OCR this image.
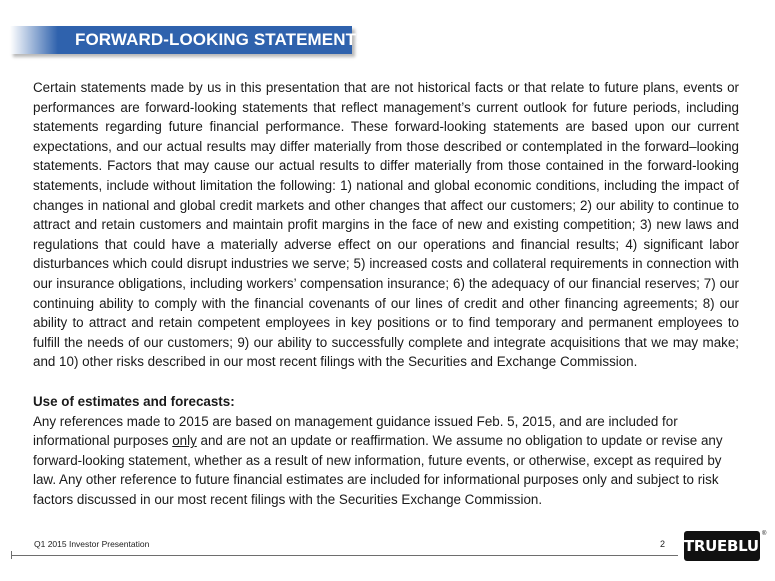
FORWARD-LOOKING STATEMENTS

Certain statements made by us in this presentation that are not historical facts or that relate to future plans, events or performances are forward-looking statements that reflect management’s current outlook for future periods, including statements regarding future financial performance. These forward-looking statements are based upon our current expectations, and our actual results may differ materially from those described or contemplated in the forward–looking statements. Factors that may cause our actual results to differ materially from those contained in the forward-looking statements, include without limitation the following: 1) national and global economic conditions, including the impact of changes in national and global credit markets and other changes that affect our customers; 2) our ability to continue to attract and retain customers and maintain profit margins in the face of new and existing competition; 3) new laws and regulations that could have a materially adverse effect on our operations and financial results; 4) significant labor disturbances which could disrupt industries we serve; 5) increased costs and collateral requirements in connection with our insurance obligations, including workers’ compensation insurance; 6) the adequacy of our financial reserves; 7) our continuing ability to comply with the financial covenants of our lines of credit and other financing agreements; 8) our ability to attract and retain competent employees in key positions or to find temporary and permanent employees to fulfill the needs of our customers; 9) our ability to successfully complete and integrate acquisitions that we may make; and 10) other risks described in our most recent filings with the Securities and Exchange Commission.

Use of estimates and forecasts:

Any references made to 2015 are based on management guidance issued Feb. 5, 2015, and are included for informational purposes only and are not an update or reaffirmation. We assume no obligation to update or revise any forward-looking statement, whether as a result of new information, future events, or otherwise, except as required by law. Any other reference to future financial estimates are included for informational purposes only and subject to risk factors discussed in our most recent filings with the Securities Exchange Commission.

Q1 2015 Investor Presentation	2 TRUEBLUE
®
